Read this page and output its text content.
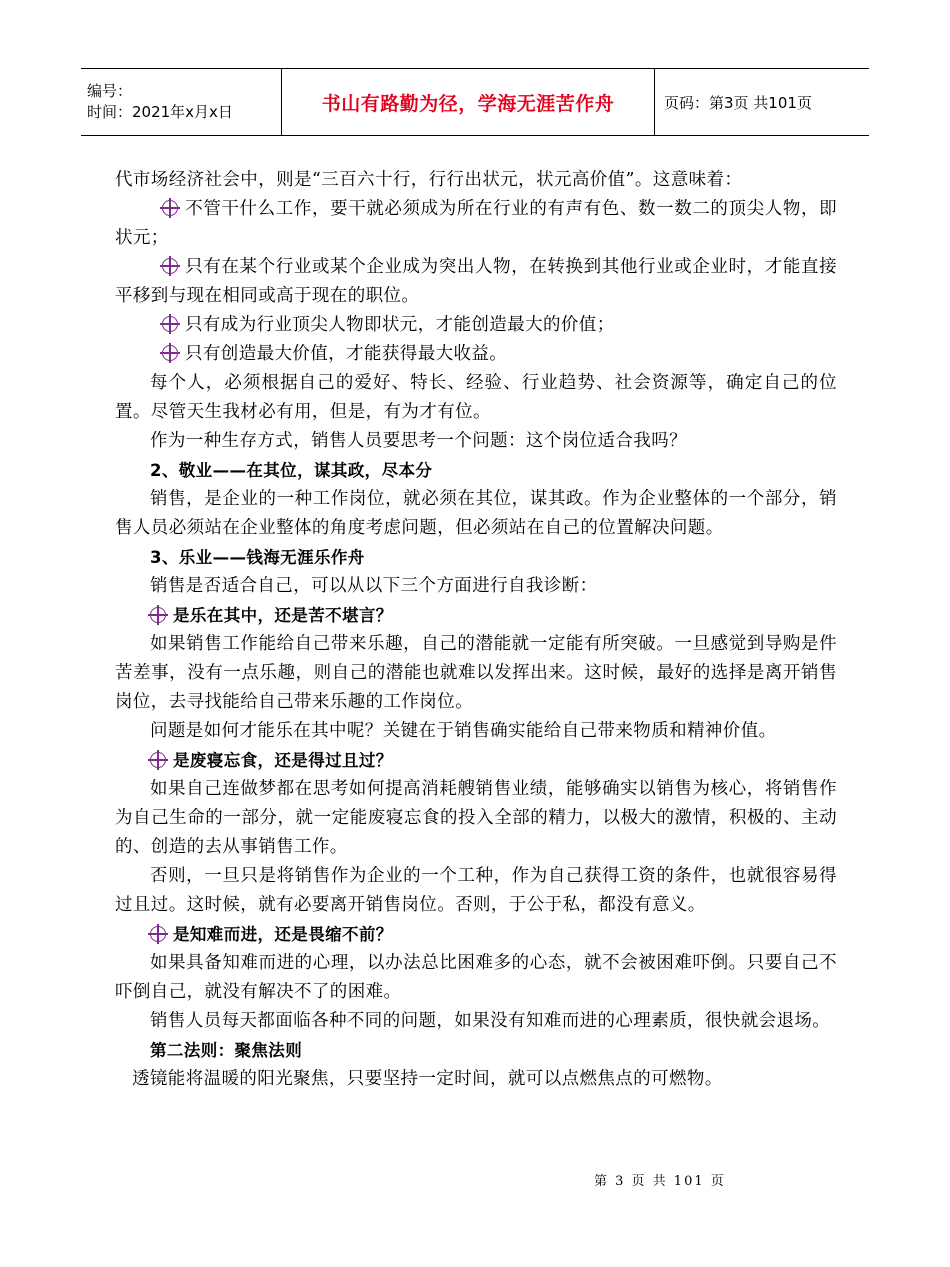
编号：
时间：2021年x月x日	书山有路勤为径，学海无涯苦作舟	页码：第3页 共101页

代市场经济社会中，则是“三百六十行，行行出状元，状元高价值”。这意味着：

不管干什么工作，要干就必须成为所在行业的有声有色、数一数二的顶尖人物，即状元；

只有在某个行业或某个企业成为突出人物，在转换到其他行业或企业时，才能直接平移到与现在相同或高于现在的职位。

只有成为行业顶尖人物即状元，才能创造最大的价值；

只有创造最大价值，才能获得最大收益。

每个人，必须根据自己的爱好、特长、经验、行业趋势、社会资源等，确定自己的位置。尽管天生我材必有用，但是，有为才有位。

作为一种生存方式，销售人员要思考一个问题：这个岗位适合我吗？

2、敬业——在其位，谋其政，尽本分

销售，是企业的一种工作岗位，就必须在其位，谋其政。作为企业整体的一个部分，销售人员必须站在企业整体的角度考虑问题，但必须站在自己的位置解决问题。

3、乐业——钱海无涯乐作舟

销售是否适合自己，可以从以下三个方面进行自我诊断：

是乐在其中，还是苦不堪言？

如果销售工作能给自己带来乐趣，自己的潜能就一定能有所突破。一旦感觉到导购是件苦差事，没有一点乐趣，则自己的潜能也就难以发挥出来。这时候，最好的选择是离开销售岗位，去寻找能给自己带来乐趣的工作岗位。

问题是如何才能乐在其中呢？关键在于销售确实能给自己带来物质和精神价值。

是废寝忘食，还是得过且过？

如果自己连做梦都在思考如何提高消耗艘销售业绩，能够确实以销售为核心，将销售作为自己生命的一部分，就一定能废寝忘食的投入全部的精力，以极大的激情，积极的、主动的、创造的去从事销售工作。

否则，一旦只是将销售作为企业的一个工种，作为自己获得工资的条件，也就很容易得过且过。这时候，就有必要离开销售岗位。否则，于公于私，都没有意义。

是知难而进，还是畏缩不前？

如果具备知难而进的心理，以办法总比困难多的心态，就不会被困难吓倒。只要自己不吓倒自己，就没有解决不了的困难。

销售人员每天都面临各种不同的问题，如果没有知难而进的心理素质，很快就会退场。

第二法则：聚焦法则

透镜能将温暖的阳光聚焦，只要坚持一定时间，就可以点燃焦点的可燃物。

第 3 页 共 101 页
